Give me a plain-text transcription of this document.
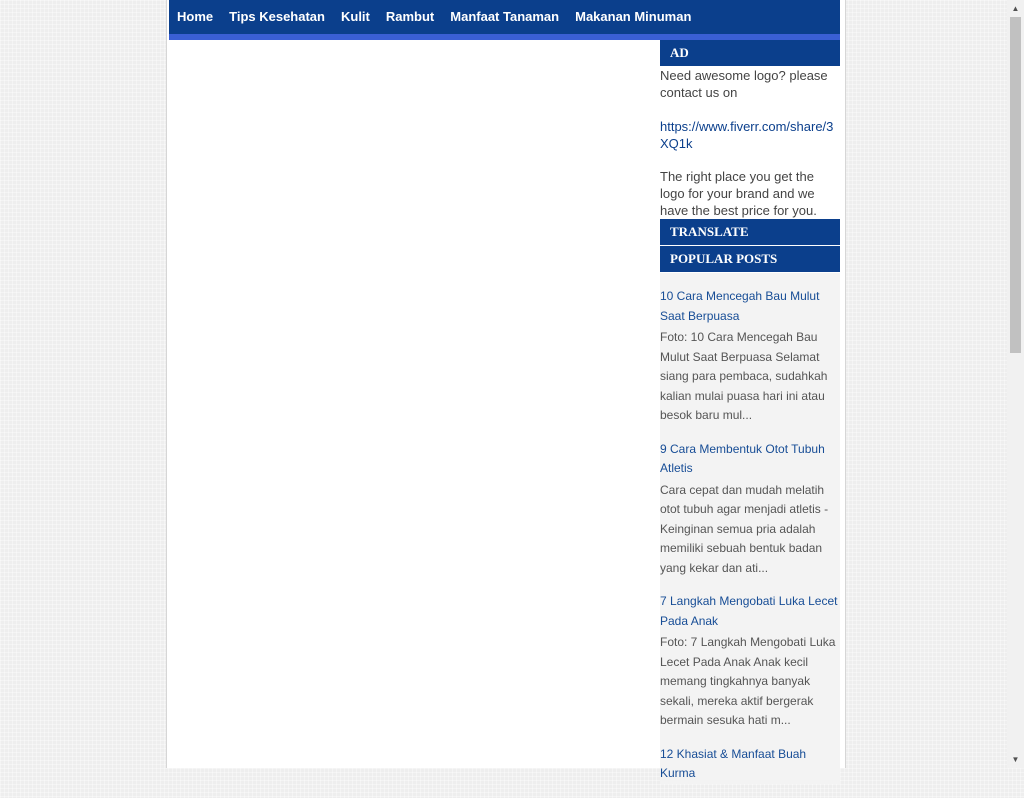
Home	Tips Kesehatan	Kulit	Rambut	Manfaat Tanaman	Makanan Minuman
AD

Need awesome logo? please contact us on

https://www.fiverr.com/share/3XQ1k

The right place you get the logo for your brand and we have the best price for you.

TRANSLATE
POPULAR POSTS
10 Cara Mencegah Bau Mulut Saat Berpuasa
Foto: 10 Cara Mencegah Bau Mulut Saat Berpuasa Selamat siang para pembaca, sudahkah kalian mulai puasa hari ini atau besok baru mul...
9 Cara Membentuk Otot Tubuh Atletis
Cara cepat dan mudah melatih otot tubuh agar menjadi atletis - Keinginan semua pria adalah memiliki sebuah bentuk badan yang kekar dan ati...
7 Langkah Mengobati Luka Lecet Pada Anak
Foto: 7 Langkah Mengobati Luka Lecet Pada Anak Anak kecil memang tingkahnya banyak sekali, mereka aktif bergerak bermain sesuka hati m...
12 Khasiat & Manfaat Buah Kurma
▲
▼
